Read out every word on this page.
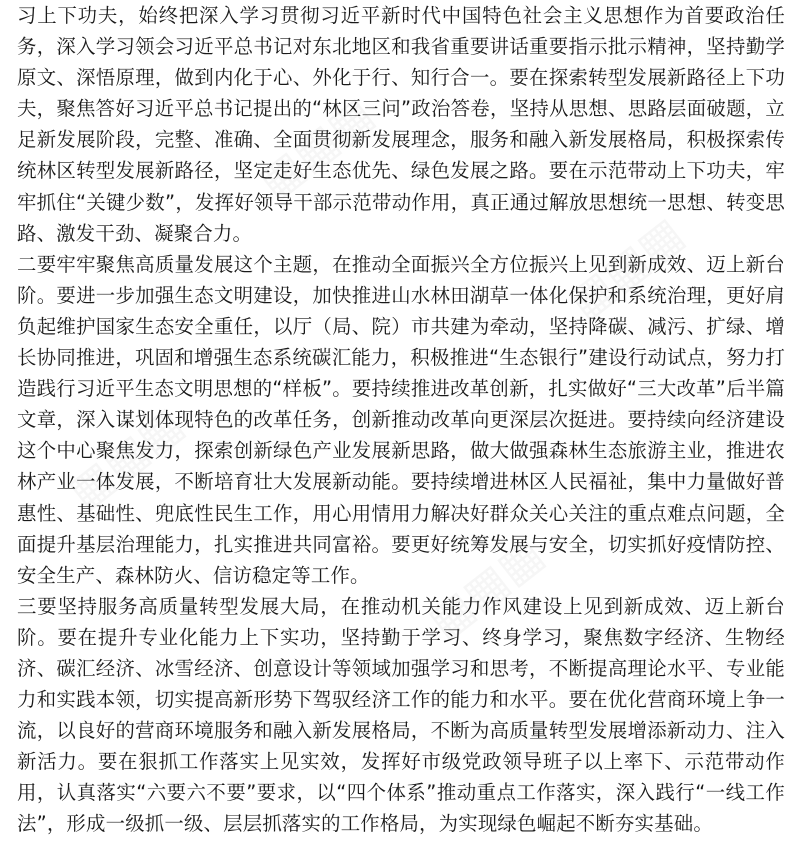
习上下功夫，始终把深入学习贯彻习近平新时代中国特色社会主义思想作为首要政治任务，深入学习领会习近平总书记对东北地区和我省重要讲话重要指示批示精神，坚持勤学原文、深悟原理，做到内化于心、外化于行、知行合一。要在探索转型发展新路径上下功夫，聚焦答好习近平总书记提出的“林区三问”政治答卷，坚持从思想、思路层面破题，立足新发展阶段，完整、准确、全面贯彻新发展理念，服务和融入新发展格局，积极探索传统林区转型发展新路径，坚定走好生态优先、绿色发展之路。要在示范带动上下功夫，牢牢抓住“关键少数”，发挥好领导干部示范带动作用，真正通过解放思想统一思想、转变思路、激发干劲、凝聚合力。

二要牢牢聚焦高质量发展这个主题，在推动全面振兴全方位振兴上见到新成效、迈上新台阶。要进一步加强生态文明建设，加快推进山水林田湖草一体化保护和系统治理，更好肩负起维护国家生态安全重任，以厅（局、院）市共建为牵动，坚持降碳、减污、扩绿、增长协同推进，巩固和增强生态系统碳汇能力，积极推进“生态银行”建设行动试点，努力打造践行习近平生态文明思想的“样板”。要持续推进改革创新，扎实做好“三大改革”后半篇文章，深入谋划体现特色的改革任务，创新推动改革向更深层次挺进。要持续向经济建设这个中心聚焦发力，探索创新绿色产业发展新思路，做大做强森林生态旅游主业，推进农林产业一体发展，不断培育壮大发展新动能。要持续增进林区人民福祉，集中力量做好普惠性、基础性、兜底性民生工作，用心用情用力解决好群众关心关注的重点难点问题，全面提升基层治理能力，扎实推进共同富裕。要更好统筹发展与安全，切实抓好疫情防控、安全生产、森林防火、信访稳定等工作。

三要坚持服务高质量转型发展大局，在推动机关能力作风建设上见到新成效、迈上新台阶。要在提升专业化能力上下实功，坚持勤于学习、终身学习，聚焦数字经济、生物经济、碳汇经济、冰雪经济、创意设计等领域加强学习和思考，不断提高理论水平、专业能力和实践本领，切实提高新形势下驾驭经济工作的能力和水平。要在优化营商环境上争一流，以良好的营商环境服务和融入新发展格局，不断为高质量转型发展增添新动力、注入新活力。要在狠抓工作落实上见实效，发挥好市级党政领导班子以上率下、示范带动作用，认真落实“六要六不要”要求，以“四个体系”推动重点工作落实，深入践行“一线工作法”，形成一级抓一级、层层抓落实的工作格局，为实现绿色崛起不断夯实基础。
